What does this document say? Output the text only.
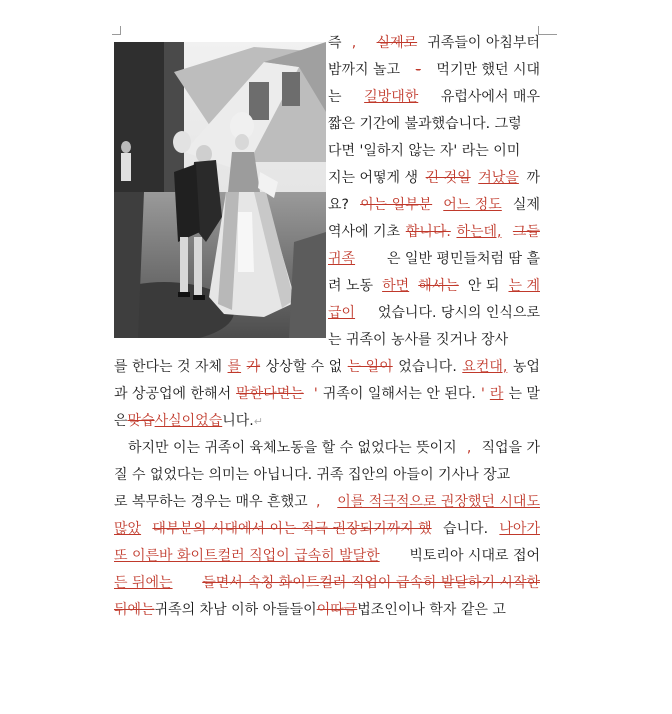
즉 , 실제로 귀족들이 아침부터
밤까지 놀고 - 먹기만 했던 시대
는 길방대한 유럽사에서 매우
짧은 기간에 불과했습니다. 그렇
다면 '일하지 않는 자' 라는 이미
지는 어떻게 생 긴 것일 겨났을 까
요? 이는 일부분 어느 정도 실제
역사에 기초 합니다. 하는데, 그들
귀족 은 일반 평민들처럼 땀 흘
려 노동 하면 해서는 안 되 는 계
급이 었습니다. 당시의 인식으로
는 귀족이 농사를 짓거나 장사
를 한다는 것 자체 를 가 상상할 수 없 는 일이 었습니다. 요컨대, 농업
과 상공업에 한해서 말한다면는 ' 귀족이 일해서는 안 된다. ' 라 는 말
은 맞습 사실이었습 니다. ↵
하지만 이는 귀족이 육체노동을 할 수 없었다는 뜻이지 , 직업을 가
질 수 없었다는 의미는 아닙니다. 귀족 집안의 아들이 기사나 장교
로 복무하는 경우는 매우 흔했고 , 이를 적극적으로 권장했던 시대도
많았 대부분의 시대에서 이는 적극 권장되기까지 했 습니다. 나아가
또 이른바 화이트컬러 직업이 급속히 발달한 빅토리아 시대로 접어
든 뒤에는 들면서 속칭 화이트컬러 직업이 급속히 발달하기 시작한
뒤에는 귀족의 차남 이하 아들들이 이따금 법조인이나 학자 같은 고
